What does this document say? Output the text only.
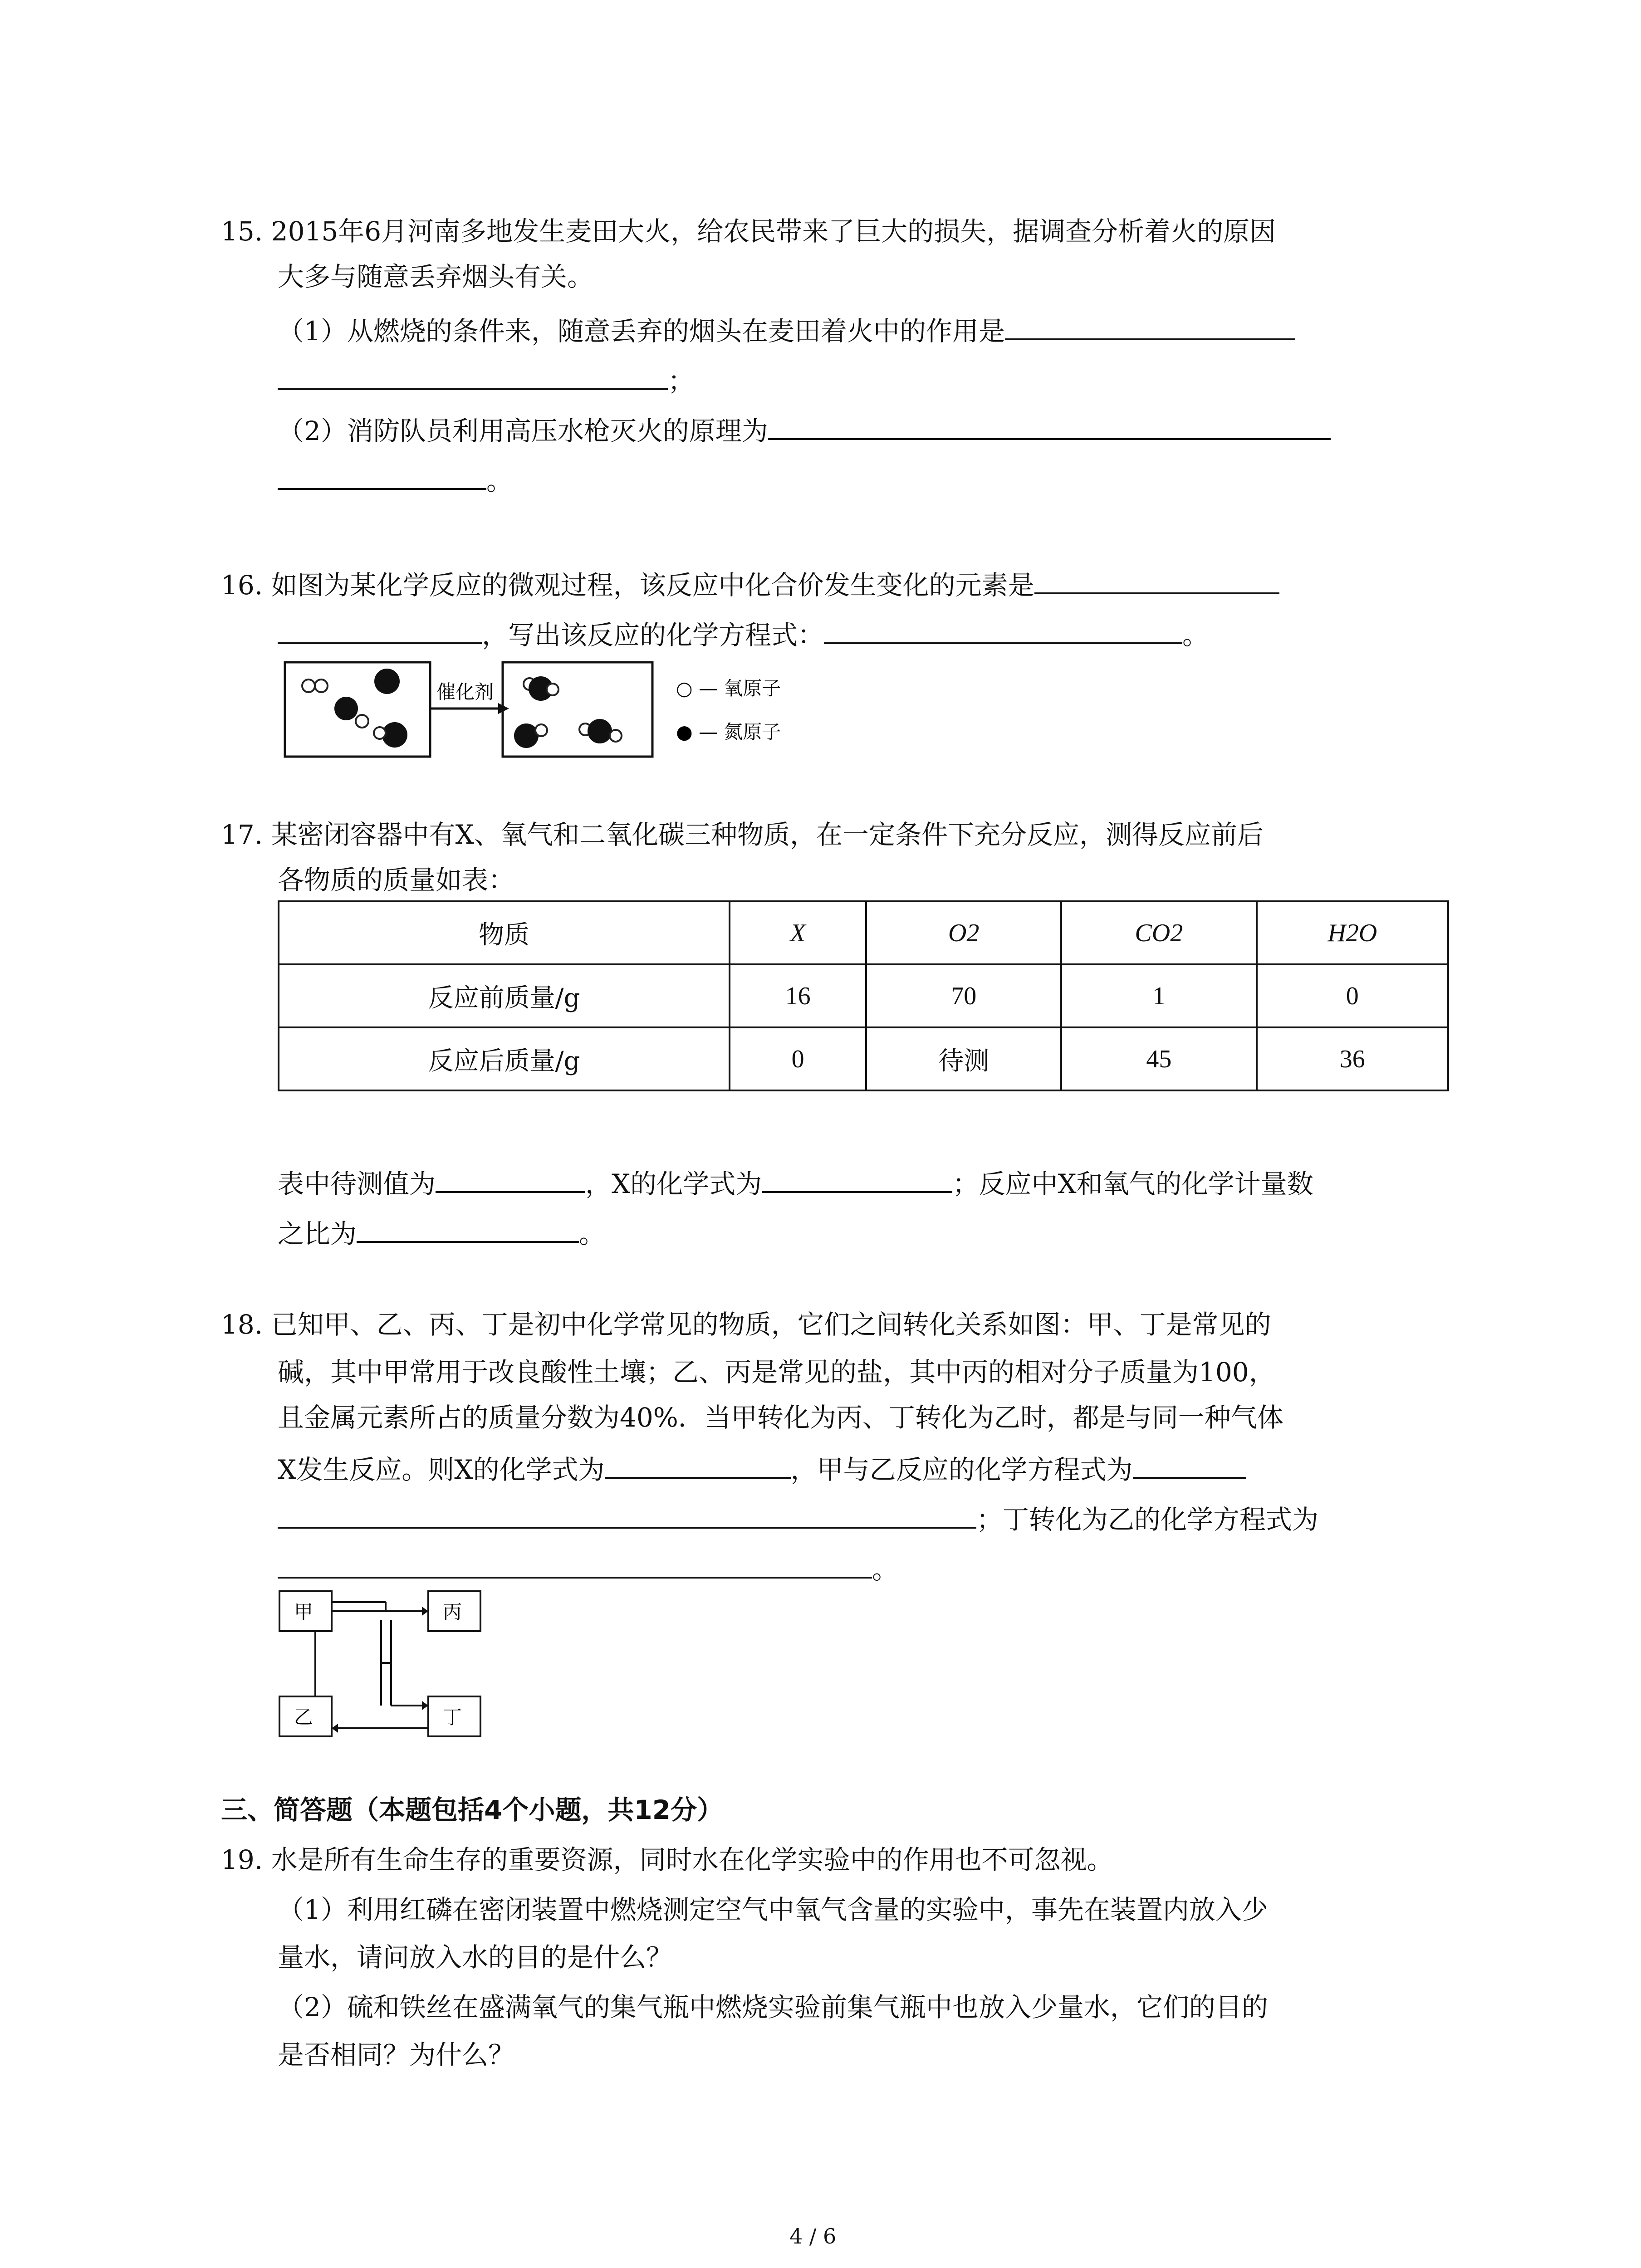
15. 2015年6月河南多地发生麦田大火，给农民带来了巨大的损失，据调查分析着火的原因
大多与随意丢弃烟头有关。
（1）从燃烧的条件来，随意丢弃的烟头在麦田着火中的作用是
；
（2）消防队员利用高压水枪灭火的原理为
。
16. 如图为某化学反应的微观过程，该反应中化合价发生变化的元素是
，写出该反应的化学方程式：	。
催化剂	○ — 氧原子
● — 氮原子
17. 某密闭容器中有X、氧气和二氧化碳三种物质，在一定条件下充分反应，测得反应前后
各物质的质量如表：
物质	X	O2	CO2	H2O
反应前质量/g	16	70	1	0
反应后质量/g	0	待测	45	36
表中待测值为	，X的化学式为	；反应中X和氧气的化学计量数
之比为	。
18. 已知甲、乙、丙、丁是初中化学常见的物质，它们之间转化关系如图：甲、丁是常见的
碱，其中甲常用于改良酸性土壤；乙、丙是常见的盐，其中丙的相对分子质量为100，
且金属元素所占的质量分数为40%．当甲转化为丙、丁转化为乙时，都是与同一种气体
X发生反应。则X的化学式为	，甲与乙反应的化学方程式为
；丁转化为乙的化学方程式为
。
甲	丙
乙	丁
三、简答题（本题包括4个小题，共12分）
19. 水是所有生命生存的重要资源，同时水在化学实验中的作用也不可忽视。
（1）利用红磷在密闭装置中燃烧测定空气中氧气含量的实验中，事先在装置内放入少
量水，请问放入水的目的是什么？
（2）硫和铁丝在盛满氧气的集气瓶中燃烧实验前集气瓶中也放入少量水，它们的目的
是否相同？为什么？
4 / 6
